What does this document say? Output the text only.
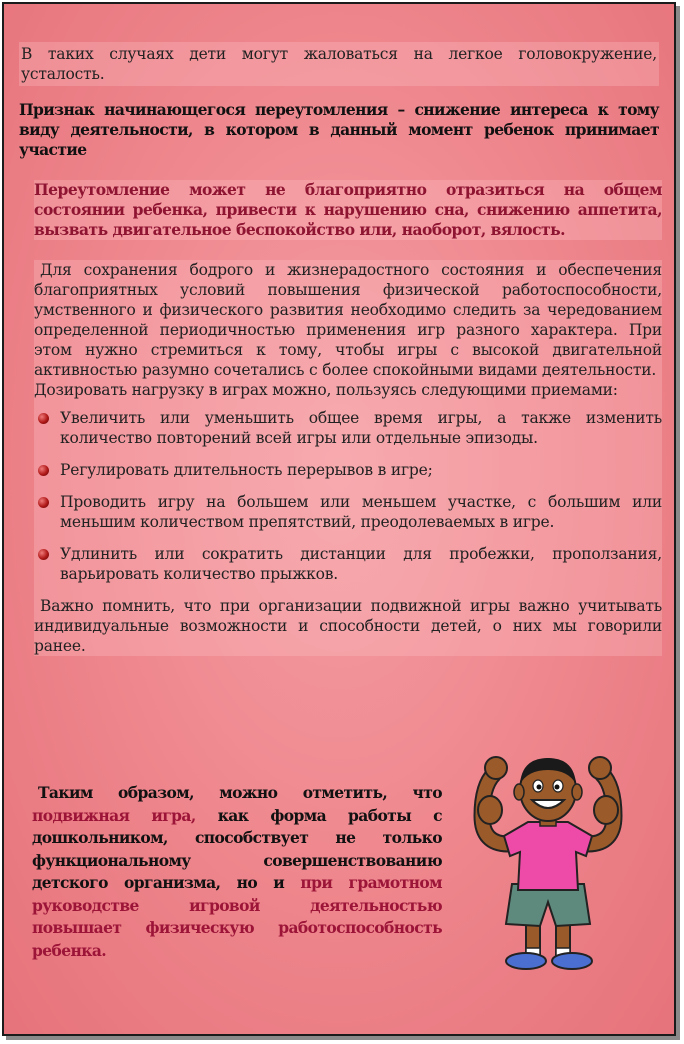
В таких случаях дети могут жаловаться на легкое головокружение, усталость.
Признак начинающегося переутомления – снижение интереса к тому виду деятельности, в котором в данный момент ребенок принимает участие
Переутомление может не благоприятно отразиться на общем состоянии ребенка, привести к нарушению сна, снижению аппетита, вызвать двигательное беспокойство или, наоборот, вялость.
Для сохранения бодрого и жизнерадостного состояния и обеспечения благоприятных условий повышения физической работоспособности, умственного и физического развития необходимо следить за чередованием определенной периодичностью применения игр разного характера. При этом нужно стремиться к тому, чтобы игры с высокой двигательной активностью разумно сочетались с более спокойными видами деятельности.
Дозировать нагрузку в играх можно, пользуясь следующими приемами:
Увеличить или уменьшить общее время игры, а также изменить количество повторений всей игры или отдельные эпизоды.
Регулировать длительность перерывов в игре;
Проводить игру на большем или меньшем участке, с большим или меньшим количеством препятствий, преодолеваемых в игре.
Удлинить или сократить дистанции для пробежки, проползания, варьировать количество прыжков.
Важно помнить, что при организации подвижной игры важно учитывать индивидуальные возможности и способности детей, о них мы говорили ранее.
Таким образом, можно отметить, что подвижная игра, как форма работы с дошкольником, способствует не только функциональному совершенствованию детского организма, но и при грамотном руководстве игровой деятельностью повышает физическую работоспособность ребенка.
